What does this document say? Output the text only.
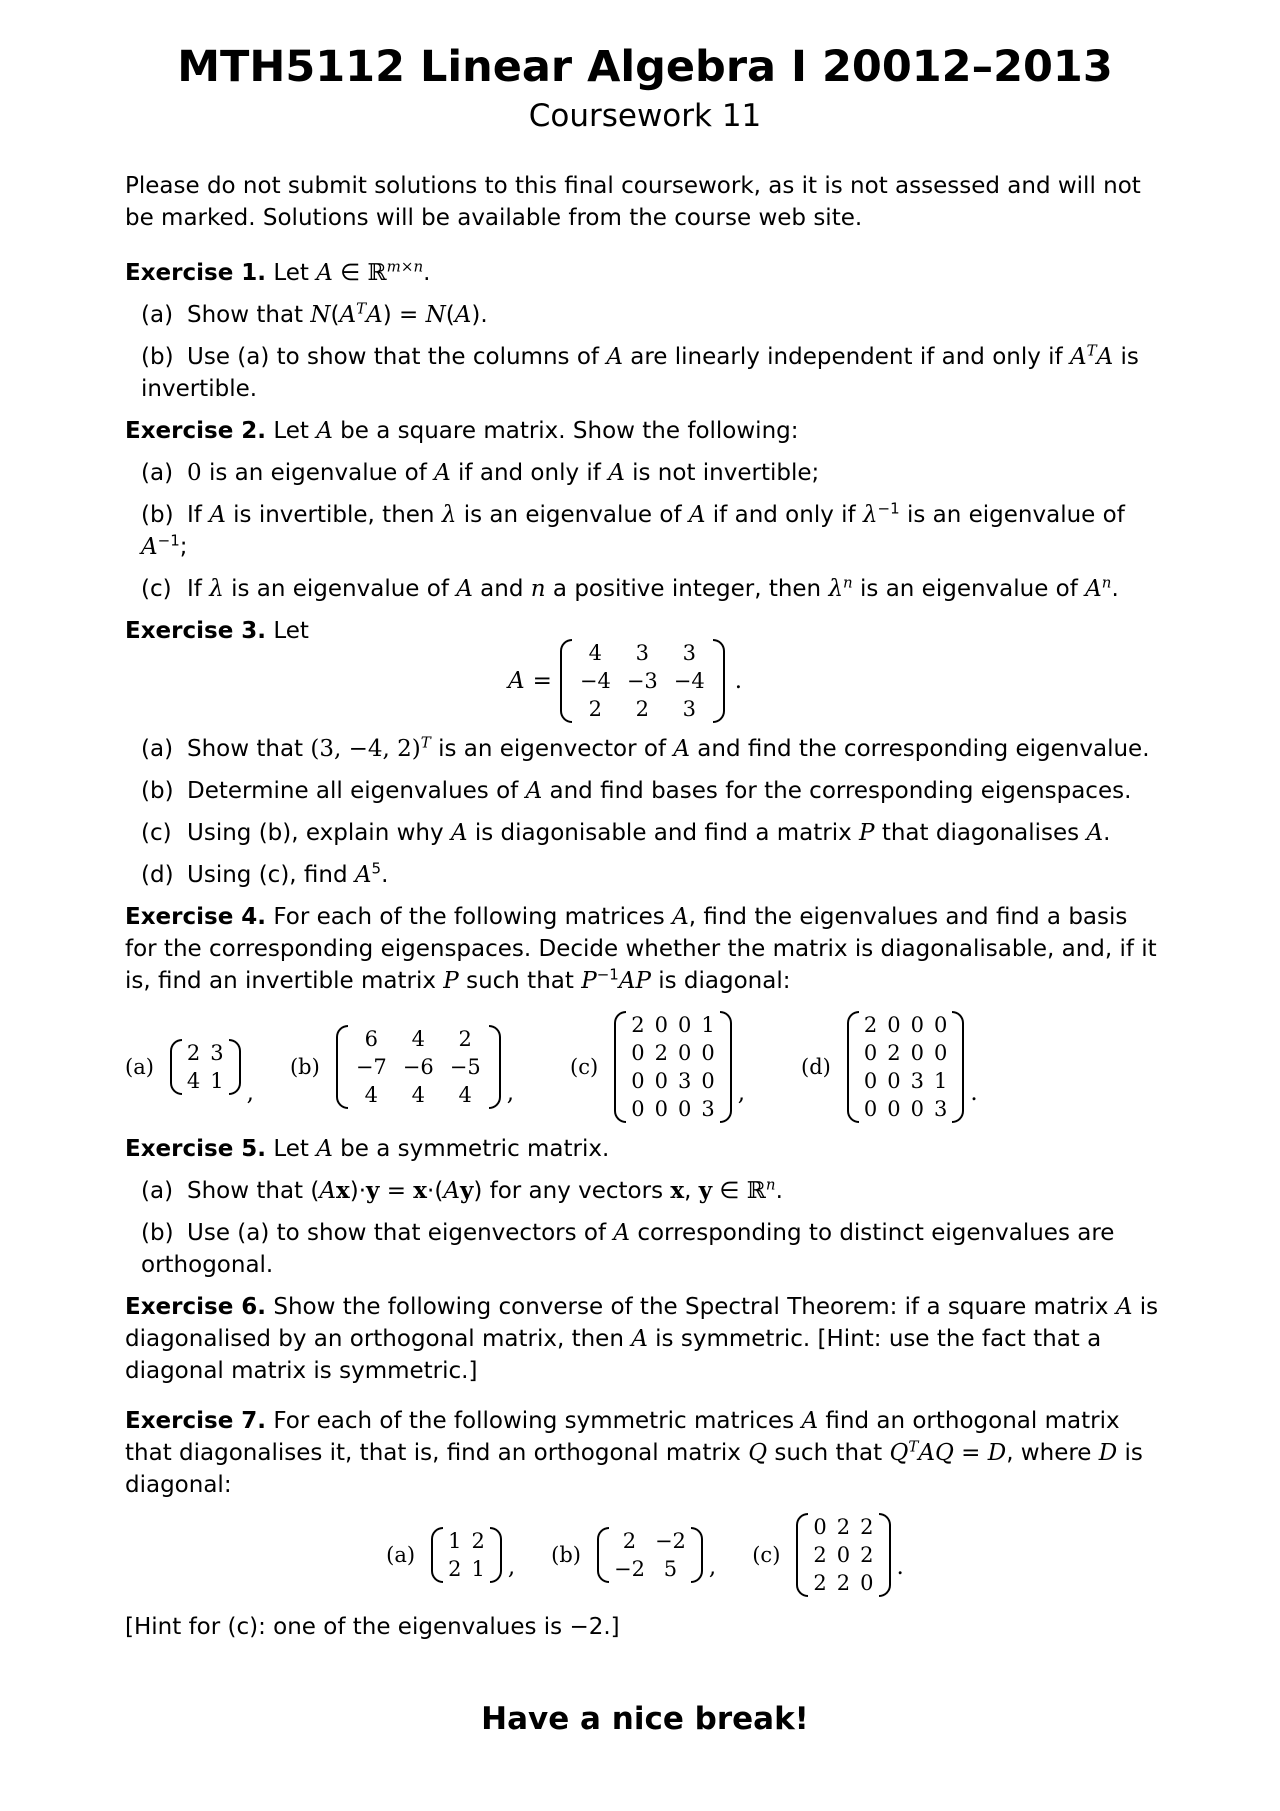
MTH5112 Linear Algebra I 20012–2013
Coursework 11

Please do not submit solutions to this final coursework, as it is not assessed and will not be marked. Solutions will be available from the course web site.

Exercise 1. Let A ∈ ℝ$^{m\times n}$.
(a) Show that $N(A^TA) = N(A)$.
(b) Use (a) to show that the columns of A are linearly independent if and only if $A^TA$ is invertible.
Exercise 2. Let A be a square matrix. Show the following:
(a) 0 is an eigenvalue of A if and only if A is not invertible;
(b) If A is invertible, then λ is an eigenvalue of A if and only if $\lambda^{-1}$ is an eigenvalue of $A^{-1}$;
(c) If λ is an eigenvalue of A and n a positive integer, then $\lambda^n$ is an eigenvalue of $A^n$.
Exercise 3. Let
A =
4	3	3
−4	−3	−4
2	2	3
.
(a) Show that (3, −4, 2)$^T$ is an eigenvector of A and find the corresponding eigenvalue.
(b) Determine all eigenvalues of A and find bases for the corresponding eigenspaces.
(c) Using (b), explain why A is diagonisable and find a matrix P that diagonalises A.
(d) Using (c), find $A^5$.
Exercise 4. For each of the following matrices A, find the eigenvalues and find a basis for the corresponding eigenspaces. Decide whether the matrix is diagonalisable, and, if it is, find an invertible matrix P such that $P^{-1}AP$ is diagonal:
(a)
2	3
4	1 ,
(b)
6	4	2
−7	−6	−5
4	4	4 ,
(c)
2	0	0	1
0	2	0	0
0	0	3	0
0	0	0	3
,
(d)
2	0	0	0
0	2	0	0
0	0	3	1
0	0	0	3
.
Exercise 5. Let A be a symmetric matrix.
(a) Show that (Ax)·y = x·(Ay) for any vectors x, y ∈ ℝ$^n$.
(b) Use (a) to show that eigenvectors of A corresponding to distinct eigenvalues are orthogonal.
Exercise 6. Show the following converse of the Spectral Theorem: if a square matrix A is diagonalised by an orthogonal matrix, then A is symmetric. [Hint: use the fact that a diagonal matrix is symmetric.]
Exercise 7. For each of the following symmetric matrices A find an orthogonal matrix that diagonalises it, that is, find an orthogonal matrix Q such that $Q^TAQ = D$, where D is diagonal:
(a)
1	2
2	1 , (b)
2	−2
−2	5 , (c)
0	2	2
2	0	2
2	2	0
.
[Hint for (c): one of the eigenvalues is −2.]
Have a nice break!
